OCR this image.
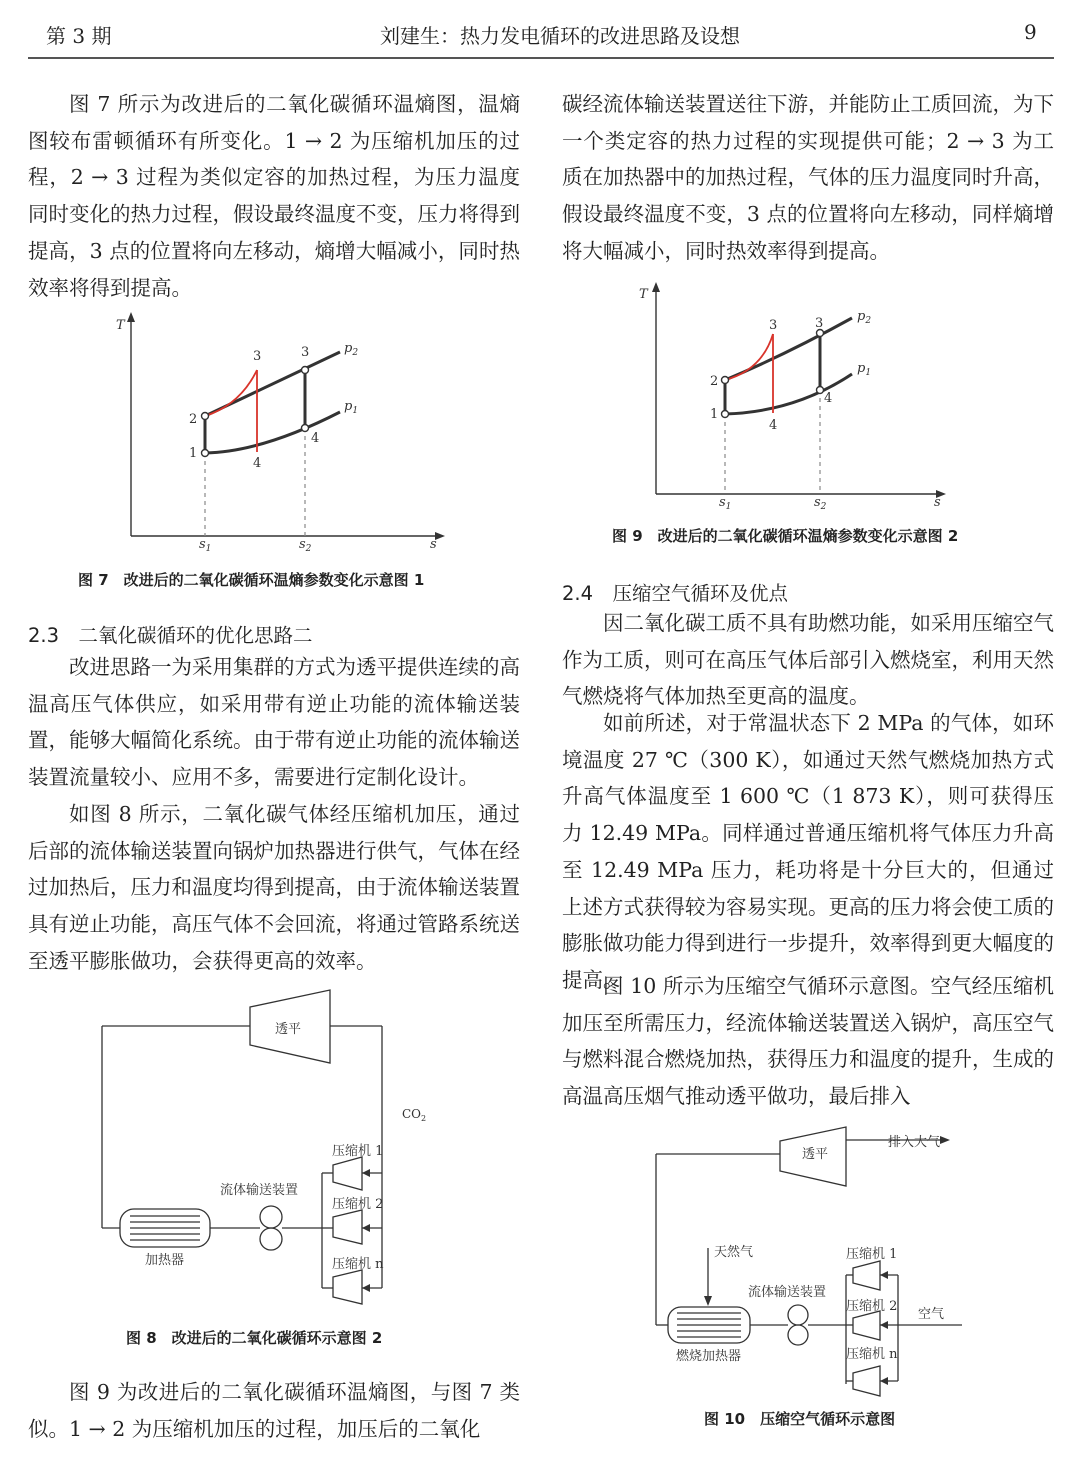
第 3 期	刘建生：热力发电循环的改进思路及设想	9

图 7 所示为改进后的二氧化碳循环温熵图，温熵图较布雷顿循环有所变化。1 → 2 为压缩机加压的过程，2 → 3 过程为类似定容的加热过程，为压力温度同时变化的热力过程，假设最终温度不变，压力将得到提高，3 点的位置将向左移动，熵增大幅减小，同时热效率将得到提高。

T
s
$s_1$	$s_2$
$p_2$
$p_1$
1
2
3	3
4
4
图 7　改进后的二氧化碳循环温熵参数变化示意图 1
2.3　二氧化碳循环的优化思路二

改进思路一为采用集群的方式为透平提供连续的高温高压气体供应，如采用带有逆止功能的流体输送装置，能够大幅简化系统。由于带有逆止功能的流体输送装置流量较小、应用不多，需要进行定制化设计。

如图 8 所示，二氧化碳气体经压缩机加压，通过后部的流体输送装置向锅炉加热器进行供气，气体在经过加热后，压力和温度均得到提高，由于流体输送装置具有逆止功能，高压气体不会回流，将通过管路系统送至透平膨胀做功，会获得更高的效率。

透平
$CO_2$
压缩机 1
压缩机 2
压缩机 n
流体输送装置
加热器
图 8　改进后的二氧化碳循环示意图 2

图 9 为改进后的二氧化碳循环温熵图，与图 7 类似。1 → 2 为压缩机加压的过程，加压后的二氧化

碳经流体输送装置送往下游，并能防止工质回流，为下一个类定容的热力过程的实现提供可能；2 → 3 为工质在加热器中的加热过程，气体的压力温度同时升高，假设最终温度不变，3 点的位置将向左移动，同样熵增将大幅减小，同时热效率得到提高。

T
s
$s_1$	$s_2$
$p_2$
$p_1$
1
2
3	3
4
4
图 9　改进后的二氧化碳循环温熵参数变化示意图 2
2.4　压缩空气循环及优点

因二氧化碳工质不具有助燃功能，如采用压缩空气作为工质，则可在高压气体后部引入燃烧室，利用天然气燃烧将气体加热至更高的温度。

如前所述，对于常温状态下 2 MPa 的气体，如环境温度 27 ℃（300 K），如通过天然气燃烧加热方式升高气体温度至 1 600 ℃（1 873 K），则可获得压力 12.49 MPa。同样通过普通压缩机将气体压力升高至 12.49 MPa 压力，耗功将是十分巨大的，但通过上述方式获得较为容易实现。更高的压力将会使工质的膨胀做功能力得到进行一步提升，效率得到更大幅度的提高。

图 10 所示为压缩空气循环示意图。空气经压缩机加压至所需压力，经流体输送装置送入锅炉，高压空气与燃料混合燃烧加热，获得压力和温度的提升，生成的高温高压烟气推动透平做功，最后排入

透平
排入大气
天然气
流体输送装置
压缩机 1
压缩机 2
压缩机 n
空气
燃烧加热器
图 10　压缩空气循环示意图
